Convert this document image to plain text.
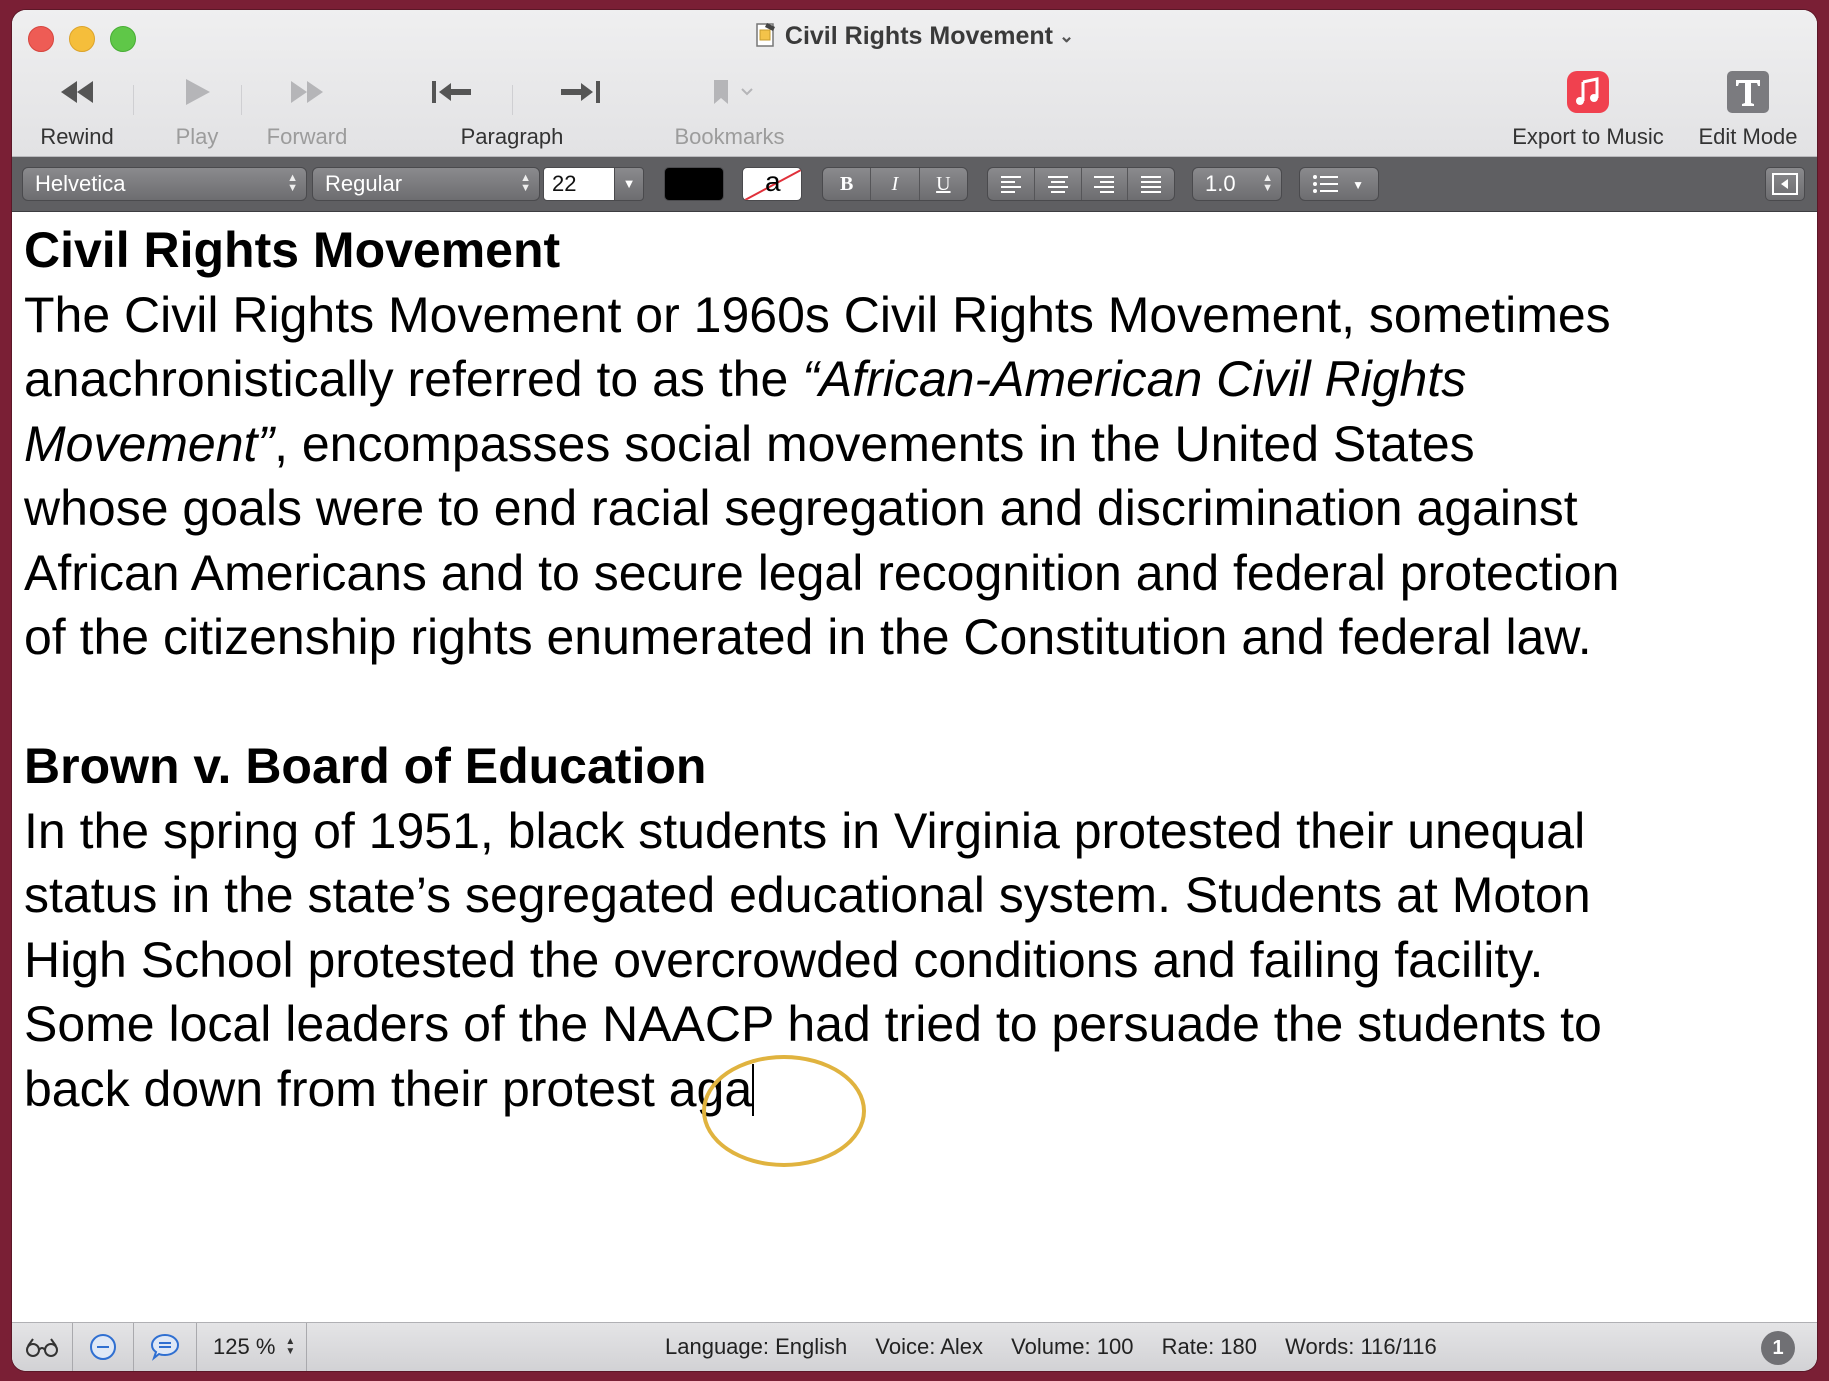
Civil Rights Movement ⌄
Rewind	Play	Forward	Paragraph	Bookmarks	Export to Music	Edit Mode
Helvetica	▲
▼	Regular	▲
▼ 22	▼	a	B I U	1.0 ▲
▼	▼
Civil Rights Movement

The Civil Rights Movement or 1960s Civil Rights Movement, sometimes

anachronistically referred to as the “African-American Civil Rights

Movement”, encompasses social movements in the United States

whose goals were to end racial segregation and discrimination against

African Americans and to secure legal recognition and federal protection

of the citizenship rights enumerated in the Constitution and federal law.

Brown v. Board of Education

In the spring of 1951, black students in Virginia protested their unequal

status in the state’s segregated educational system. Students at Moton

High School protested the overcrowded conditions and failing facility.

Some local leaders of the NAACP had tried to persuade the students to

back down from their protest aga

125 % ▲
▼	Language: English Voice: Alex Volume: 100 Rate: 180 Words: 116/116	1
